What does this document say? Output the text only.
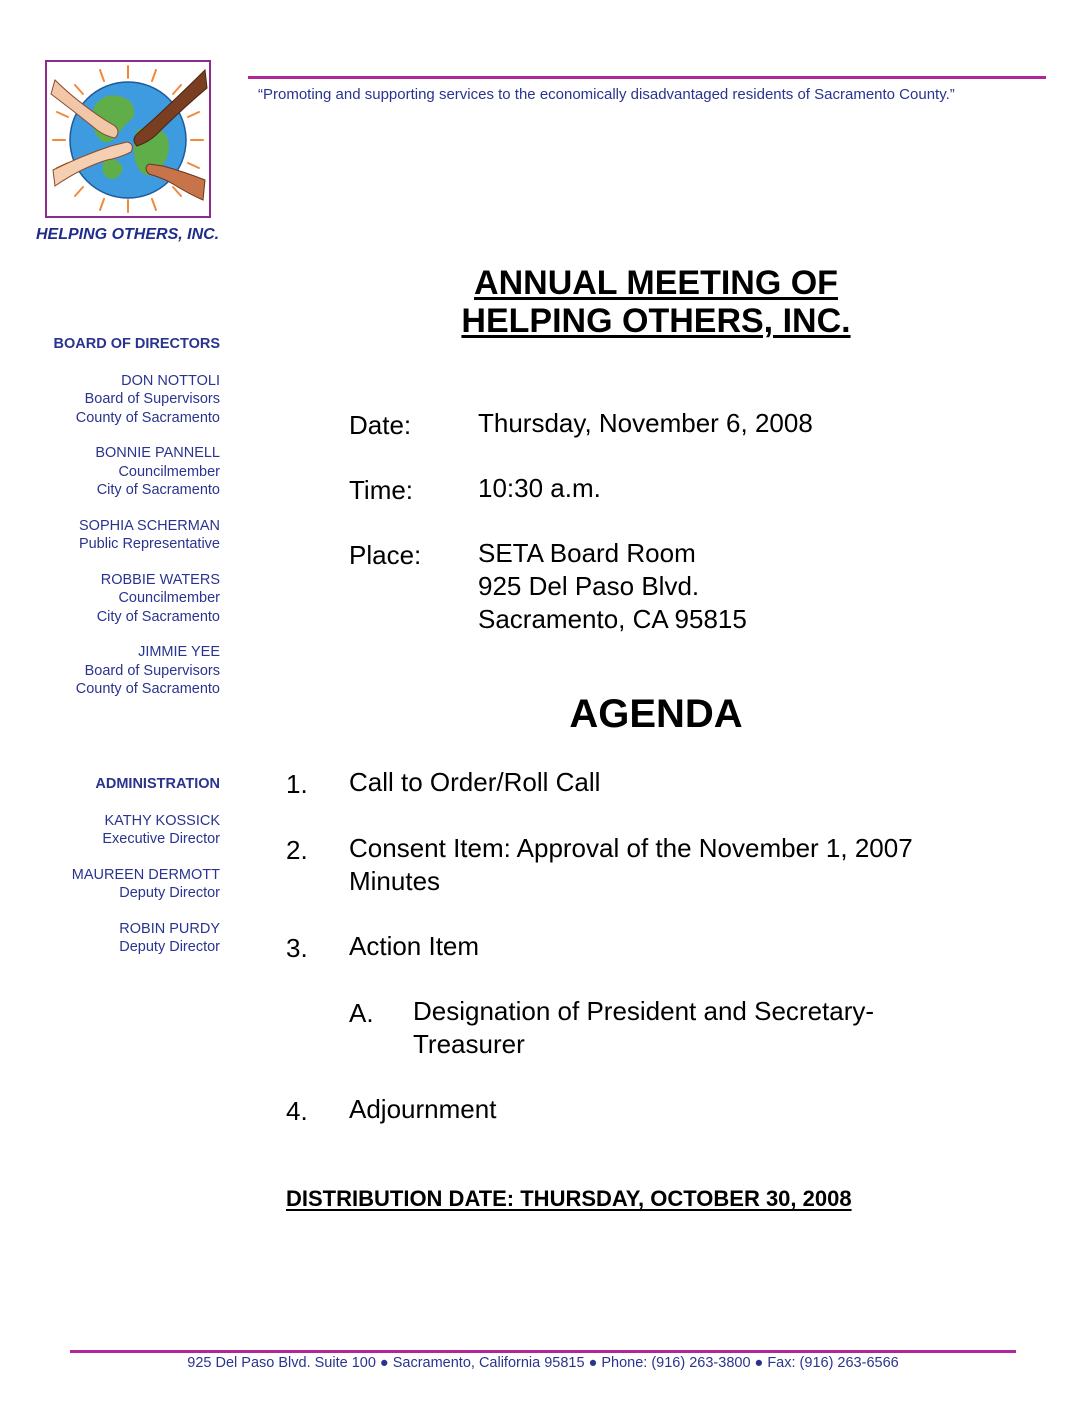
HELPING OTHERS, INC.
“Promoting and supporting services to the economically disadvantaged residents of Sacramento County.”
BOARD OF DIRECTORS
DON NOTTOLI
Board of Supervisors
County of Sacramento
BONNIE PANNELL
Councilmember
City of Sacramento
SOPHIA SCHERMAN
Public Representative
ROBBIE WATERS
Councilmember
City of Sacramento
JIMMIE YEE
Board of Supervisors
County of Sacramento
ADMINISTRATION
KATHY KOSSICK
Executive Director
MAUREEN DERMOTT
Deputy Director
ROBIN PURDY
Deputy Director
ANNUAL MEETING OF
HELPING OTHERS, INC.
Date:	Thursday, November 6, 2008
Time: 10:30 a.m.
Place: SETA Board Room
925 Del Paso Blvd.
Sacramento, CA 95815
AGENDA
1. Call to Order/Roll Call
2. Consent Item: Approval of the November 1, 2007
Minutes
3. Action Item
A. Designation of President and Secretary-
Treasurer
4. Adjournment
DISTRIBUTION DATE: THURSDAY, OCTOBER 30, 2008
925 Del Paso Blvd. Suite 100 ● Sacramento, California 95815 ● Phone: (916) 263-3800 ● Fax: (916) 263-6566
